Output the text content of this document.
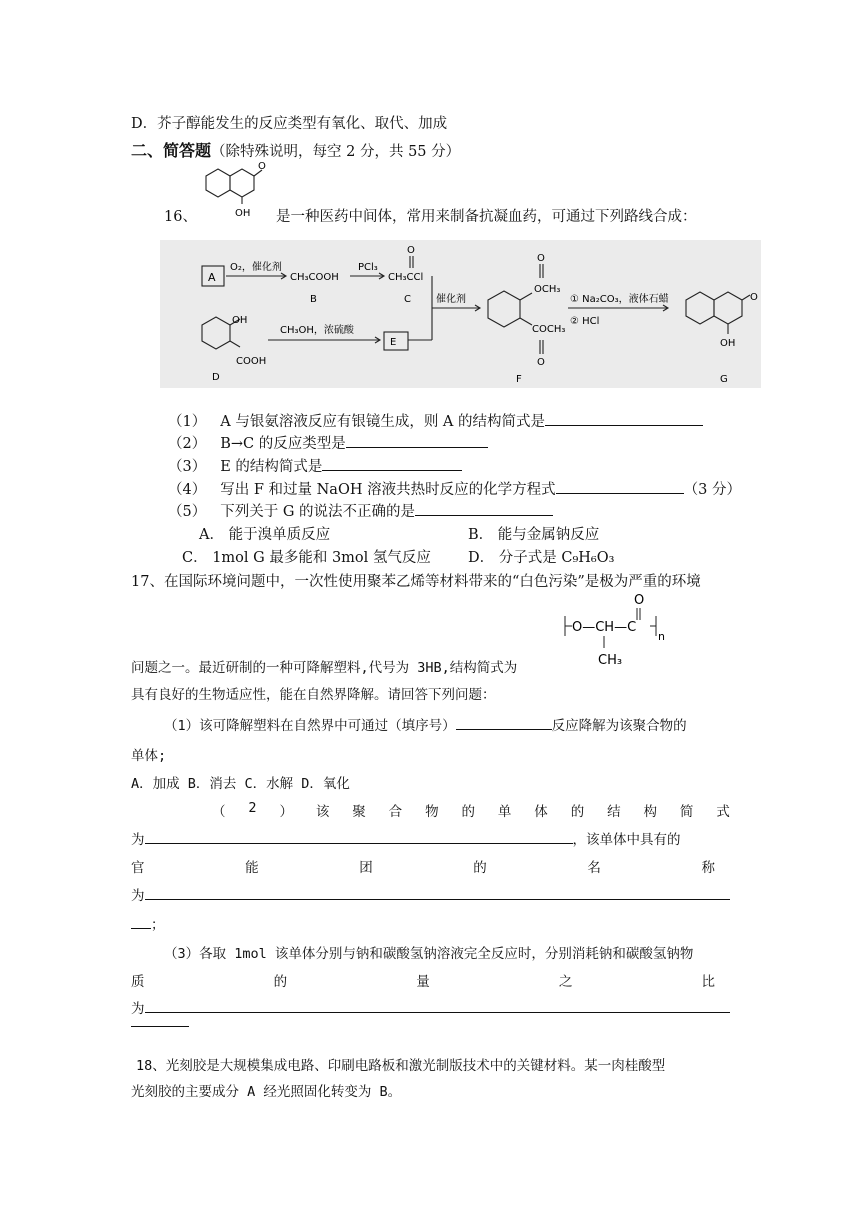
D．芥子醇能发生的反应类型有氧化、取代、加成
二、简答题（除特殊说明，每空 2 分，共 55 分）
O
OH
16、	是一种医药中间体，常用来制备抗凝血药，可通过下列路线合成：
A
O₂，催化剂
CH₃COOH
B
PCl₃
O
CH₃CCl
C
OH
COOH
D
CH₃OH，浓硫酸
E
催化剂
O
OCH₃
COCH₃
O
F
① Na₂CO₃，液体石蜡
② HCl
O
OH
G
（1） A 与银氨溶液反应有银镜生成，则 A 的结构简式是
（2） B→C 的反应类型是
（3） E 的结构简式是
（4） 写出 F 和过量 NaOH 溶液共热时反应的化学方程式	（3 分）
（5） 下列关于 G 的说法不正确的是
A． 能于溴单质反应	B． 能与金属钠反应
C． 1mol G 最多能和 3mol 氢气反应	D． 分子式是 C₉H₆O₃
17、在国际环境问题中，一次性使用聚苯乙烯等材料带来的“白色污染”是极为严重的环境
O
O—CH—C
n
CH₃
问题之一。最近研制的一种可降解塑料,代号为 3HB,结构简式为
具有良好的生物适应性，能在自然界降解。请回答下列问题：
（1）该可降解塑料在自然界中可通过（填序号）	反应降解为该聚合物的
单体;
A．加成 B．消去 C．水解 D．氧化
（ 2 ） 该 聚 合 物 的 单 体 的 结 构 简 式
为	，该单体中具有的
官	能	团	的	名	称
为
；
（3）各取 1mol 该单体分别与钠和碳酸氢钠溶液完全反应时，分别消耗钠和碳酸氢钠物
质	的	量	之	比
为
18、光刻胶是大规模集成电路、印刷电路板和激光制版技术中的关键材料。某一肉桂酸型
光刻胶的主要成分 A 经光照固化转变为 B。
